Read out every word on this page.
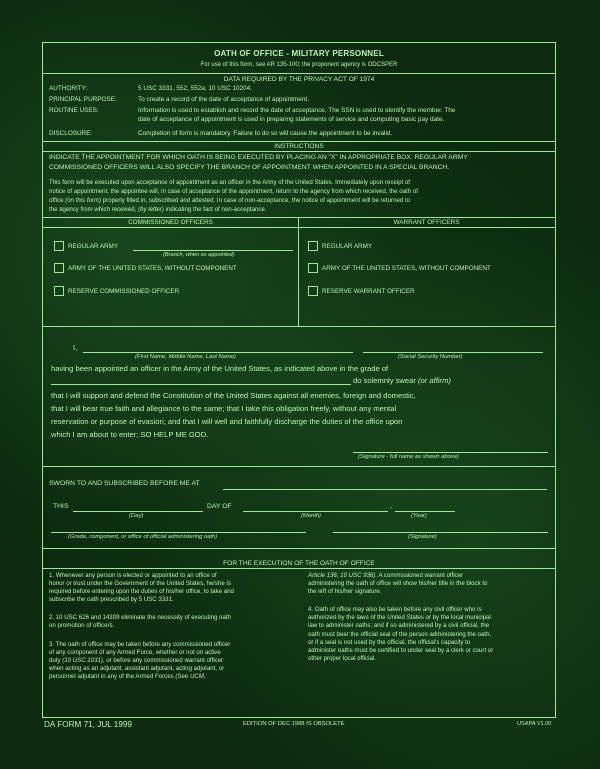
OATH OF OFFICE - MILITARY PERSONNEL
For use of this form, see AR 135-100; the proponent agency is ODCSPER
DATA REQUIRED BY THE PRIVACY ACT OF 1974
AUTHORITY:	5 USC 3331, 552, 552a; 10 USC 10204.
PRINCIPAL PURPOSE:	To create a record of the date of acceptance of appointment.
ROUTINE USES:	Information is used to establish and record the date of acceptance. The SSN is used to identify the member. The
date of acceptance of appointment is used in preparing statements of service and computing basic pay date.
DISCLOSURE:	Completion of form is mandatory. Failure to do so will cause the appointment to be invalid.
INSTRUCTIONS
INDICATE THE APPOINTMENT FOR WHICH OATH IS BEING EXECUTED BY PLACING AN "X" IN APPROPRIATE BOX. REGULAR ARMY
COMMISSIONED OFFICERS WILL ALSO SPECIFY THE BRANCH OF APPOINTMENT WHEN APPOINTED IN A SPECIAL BRANCH.
This form will be executed upon acceptance of appointment as an officer in the Army of the United States. Immediately upon receipt of
notice of appointment, the appointee will, in case of acceptance of the appointment, return to the agency from which received, the oath of
office (on this form) properly filled in, subscribed and attested. In case of non-acceptance, the notice of appointment will be returned to
the agency from which received, (by letter) indicating the fact of non-acceptance.
COMMISSIONED OFFICERS	WARRANT OFFICERS
REGULAR ARMY
(Branch, when so appointed)
ARMY OF THE UNITED STATES, WITHOUT COMPONENT
RESERVE COMMISSIONED OFFICER
REGULAR ARMY
ARMY OF THE UNITED STATES, WITHOUT COMPONENT
RESERVE WARRANT OFFICER
I,
(First Name, Middle Name, Last Name)	(Social Security Number)
having been appointed an officer in the Army of the United States, as indicated above in the grade of
do solemnly swear (or affirm)
that I will support and defend the Constitution of the United States against all enemies, foreign and domestic,
that I will bear true faith and allegiance to the same; that I take this obligation freely, without any mental
reservation or purpose of evasion; and that I will well and faithfully discharge the duties of the office upon
which I am about to enter; SO HELP ME GOD.
(Signature - full name as shown above)
SWORN TO AND SUBSCRIBED BEFORE ME AT
THIS
(Day)
DAY OF
(Month)
,
(Year)
(Grade, component, or office of official administering oath)	(Signature)
FOR THE EXECUTION OF THE OATH OF OFFICE
1. Whenever any person is elected or appointed to an office of
honor or trust under the Government of the United States, he/she is
required before entering upon the duties of his/her office, to take and
subscribe the oath prescribed by 5 USC 3331.
2. 10 USC 626 and 14309 eliminate the necessity of executing oath
on promotion of officers.
3. The oath of office may be taken before any commissioned officer
of any component of any Armed Force, whether or not on active
duty (10 USC 1031), or before any commissioned warrant officer
when acting as an adjutant, assistant adjutant, acting adjutant, or
personnel adjutant in any of the Armed Forces (See UCM,
Article 136; 10 USC 936). A commissioned warrant officer
administering the oath of office will show his/her title in the block to
the left of his/her signature.
4. Oath of office may also be taken before any civil officer who is
authorized by the laws of the United States or by the local municipal
law to administer oaths; and if so administered by a civil official, the
oath must bear the official seal of the person administering the oath,
or if a seal is not used by the official, the official's capacity to
administer oaths must be certified to under seal by a clerk or court or
other proper local official.
DA FORM 71, JUL 1999	EDITION OF DEC 1988 IS OBSOLETE	USAPA V1.00
